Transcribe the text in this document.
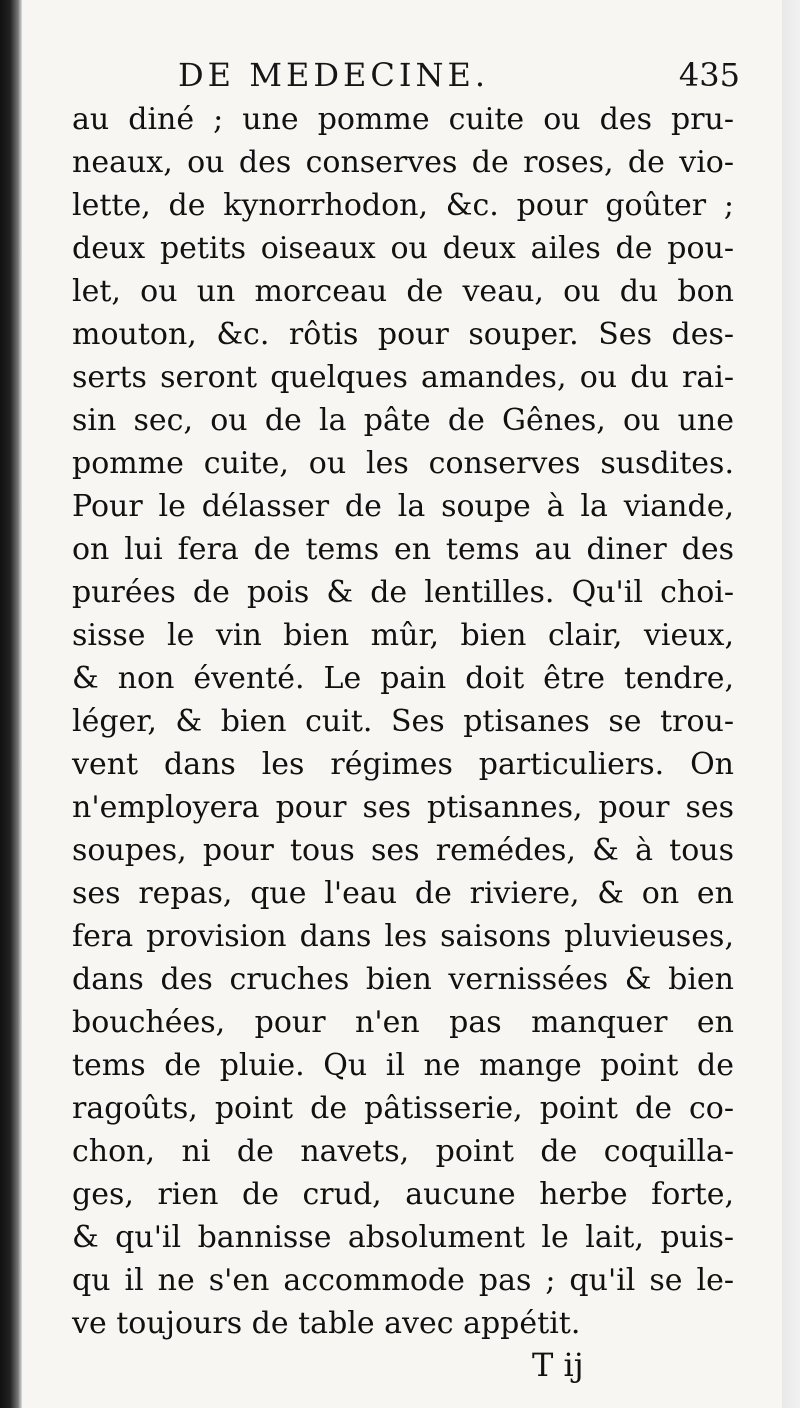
DE MEDECINE.	435
au diné ; une pomme cuite ou des pru-
neaux, ou des conserves de roses, de vio-
lette, de kynorrhodon, &c. pour goûter ;
deux petits oiseaux ou deux ailes de pou-
let, ou un morceau de veau, ou du bon
mouton, &c. rôtis pour souper. Ses des-
serts seront quelques amandes, ou du rai-
sin sec, ou de la pâte de Gênes, ou une
pomme cuite, ou les conserves susdites.
Pour le délasser de la soupe à la viande,
on lui fera de tems en tems au diner des
purées de pois & de lentilles. Qu'il choi-
sisse le vin bien mûr, bien clair, vieux,
& non éventé. Le pain doit être tendre,
léger, & bien cuit. Ses ptisanes se trou-
vent dans les régimes particuliers. On
n'employera pour ses ptisannes, pour ses
soupes, pour tous ses remédes, & à tous
ses repas, que l'eau de riviere, & on en
fera provision dans les saisons pluvieuses,
dans des cruches bien vernissées & bien
bouchées, pour n'en pas manquer en
tems de pluie. Qu il ne mange point de
ragoûts, point de pâtisserie, point de co-
chon, ni de navets, point de coquilla-
ges, rien de crud, aucune herbe forte,
& qu'il bannisse absolument le lait, puis-
qu il ne s'en accommode pas ; qu'il se le-
ve toujours de table avec appétit.
T ij
